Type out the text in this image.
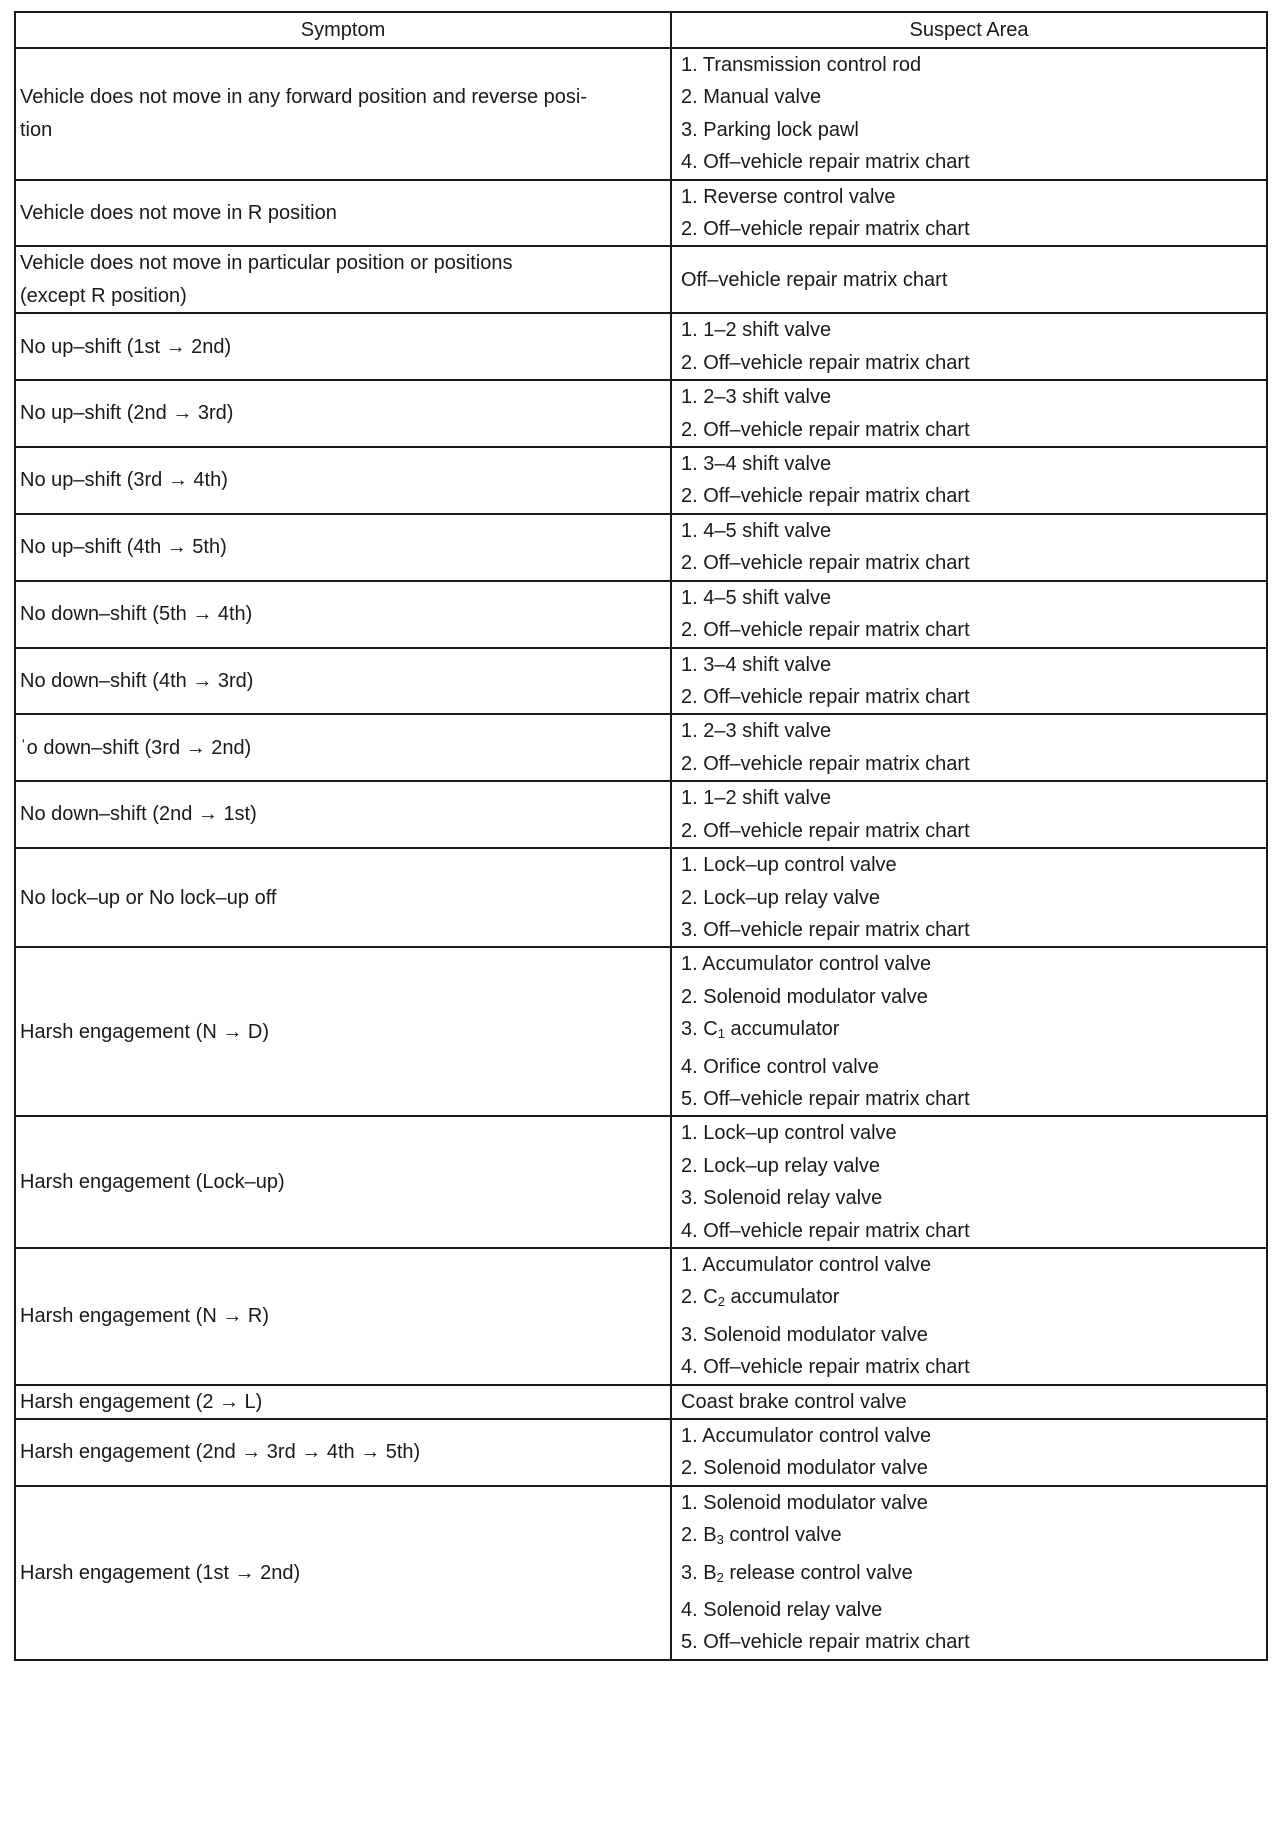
Symptom	Suspect Area

Vehicle does not move in any forward position and reverse posi-
tion	1. Transmission control rod
2. Manual valve
3. Parking lock pawl
4. Off–vehicle repair matrix chart

Vehicle does not move in R position	1. Reverse control valve
2. Off–vehicle repair matrix chart

Vehicle does not move in particular position or positions
(except R position)	Off–vehicle repair matrix chart

No up–shift (1st → 2nd)	1. 1–2 shift valve
2. Off–vehicle repair matrix chart

No up–shift (2nd → 3rd)	1. 2–3 shift valve
2. Off–vehicle repair matrix chart

No up–shift (3rd → 4th)	1. 3–4 shift valve
2. Off–vehicle repair matrix chart

No up–shift (4th → 5th)	1. 4–5 shift valve
2. Off–vehicle repair matrix chart

No down–shift (5th → 4th)	1. 4–5 shift valve
2. Off–vehicle repair matrix chart

No down–shift (4th → 3rd)	1. 3–4 shift valve
2. Off–vehicle repair matrix chart

ˈo down–shift (3rd → 2nd)	1. 2–3 shift valve
2. Off–vehicle repair matrix chart

No down–shift (2nd → 1st)	1. 1–2 shift valve
2. Off–vehicle repair matrix chart

No lock–up or No lock–up off	1. Lock–up control valve
2. Lock–up relay valve
3. Off–vehicle repair matrix chart

Harsh engagement (N → D)	1. Accumulator control valve
2. Solenoid modulator valve
3. $C_1$ accumulator
4. Orifice control valve
5. Off–vehicle repair matrix chart

Harsh engagement (Lock–up)	1. Lock–up control valve
2. Lock–up relay valve
3. Solenoid relay valve
4. Off–vehicle repair matrix chart

Harsh engagement (N → R)	1. Accumulator control valve
2. $C_2$ accumulator
3. Solenoid modulator valve
4. Off–vehicle repair matrix chart

Harsh engagement (2 → L)	Coast brake control valve

Harsh engagement (2nd → 3rd → 4th → 5th)	1. Accumulator control valve
2. Solenoid modulator valve

Harsh engagement (1st → 2nd)	1. Solenoid modulator valve
2. $B_3$ control valve
3. $B_2$ release control valve
4. Solenoid relay valve
5. Off–vehicle repair matrix chart
